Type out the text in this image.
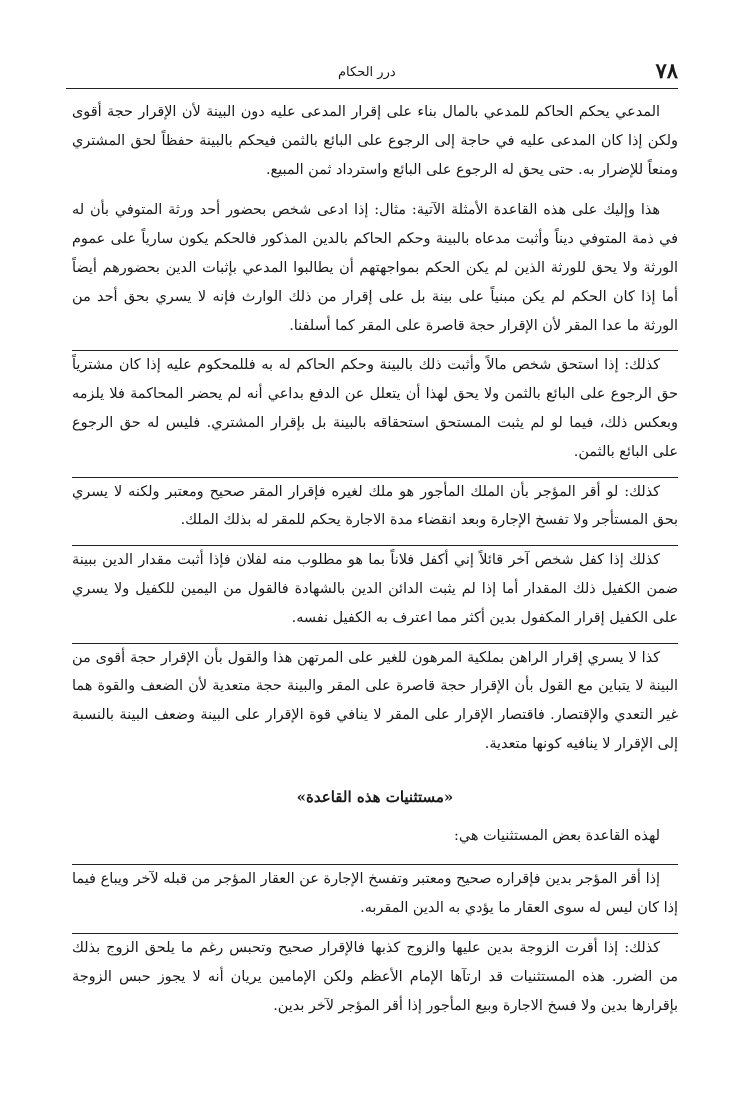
٧٨
درر الحكام

المدعي يحكم الحاكم للمدعي بالمال بناء على إقرار المدعى عليه دون البينة لأن الإقرار حجة أقوى ولكن إذا كان المدعى عليه في حاجة إلى الرجوع على البائع بالثمن فيحكم بالبينة حفظاً لحق المشتري ومنعاً للإضرار به. حتى يحق له الرجوع على البائع واسترداد ثمن المبيع.

هذا وإليك على هذه القاعدة الأمثلة الآتية: مثال: إذا ادعى شخص بحضور أحد ورثة المتوفي بأن له في ذمة المتوفي ديناً وأثبت مدعاه بالبينة وحكم الحاكم بالدين المذكور فالحكم يكون سارياً على عموم الورثة ولا يحق للورثة الذين لم يكن الحكم بمواجهتهم أن يطالبوا المدعي بإثبات الدين بحضورهم أيضاً أما إذا كان الحكم لم يكن مبنياً على بينة بل على إقرار من ذلك الوارث فإنه لا يسري بحق أحد من الورثة ما عدا المقر لأن الإقرار حجة قاصرة على المقر كما أسلفنا.

كذلك: إذا استحق شخص مالاً وأثبت ذلك بالبينة وحكم الحاكم له به فللمحكوم عليه إذا كان مشترياً حق الرجوع على البائع بالثمن ولا يحق لهذا أن يتعلل عن الدفع بداعي أنه لم يحضر المحاكمة فلا يلزمه وبعكس ذلك، فيما لو لم يثبت المستحق استحقاقه بالبينة بل بإقرار المشتري. فليس له حق الرجوع على البائع بالثمن.

كذلك: لو أقر المؤجر بأن الملك المأجور هو ملك لغيره فإقرار المقر صحيح ومعتبر ولكنه لا يسري بحق المستأجر ولا تفسخ الإجارة وبعد انقضاء مدة الاجارة يحكم للمقر له بذلك الملك.

كذلك إذا كفل شخص آخر قائلاً إني أكفل فلاناً بما هو مطلوب منه لفلان فإذا أثبت مقدار الدين ببينة ضمن الكفيل ذلك المقدار أما إذا لم يثبت الدائن الدين بالشهادة فالقول من اليمين للكفيل ولا يسري على الكفيل إقرار المكفول بدين أكثر مما اعترف به الكفيل نفسه.

كذا لا يسري إقرار الراهن بملكية المرهون للغير على المرتهن هذا والقول بأن الإقرار حجة أقوى من البينة لا يتباين مع القول بأن الإقرار حجة قاصرة على المقر والبينة حجة متعدية لأن الضعف والقوة هما غير التعدي والإقتصار. فاقتصار الإقرار على المقر لا ينافي قوة الإقرار على البينة وضعف البينة بالنسبة إلى الإقرار لا ينافيه كونها متعدية.

«مستثنيات هذه القاعدة»

لهذه القاعدة بعض المستثنيات هي:

إذا أقر المؤجر بدين فإقراره صحيح ومعتبر وتفسخ الإجارة عن العقار المؤجر من قبله لآخر ويباع فيما إذا كان ليس له سوى العقار ما يؤدي به الدين المقربه.

كذلك: إذا أقرت الزوجة بدين عليها والزوج كذبها فالإقرار صحيح وتحبس رغم ما يلحق الزوج بذلك من الضرر. هذه المستثنيات قد ارتآها الإمام الأعظم ولكن الإمامين يريان أنه لا يجوز حبس الزوجة بإقرارها بدين ولا فسخ الاجارة وبيع المأجور إذا أقر المؤجر لآخر بدين.
